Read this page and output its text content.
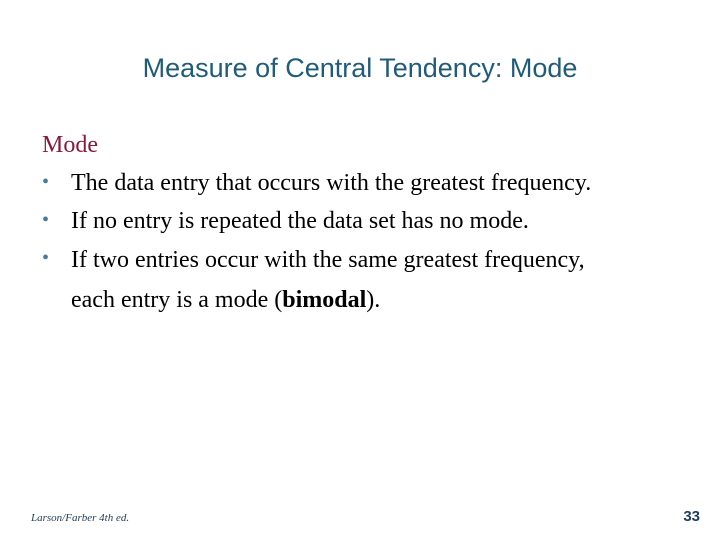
Measure of Central Tendency: Mode
Mode
• The data entry that occurs with the greatest frequency.
• If no entry is repeated the data set has no mode.
• If two entries occur with the same greatest frequency,
each entry is a mode (bimodal).
Larson/Farber 4th ed.	33
